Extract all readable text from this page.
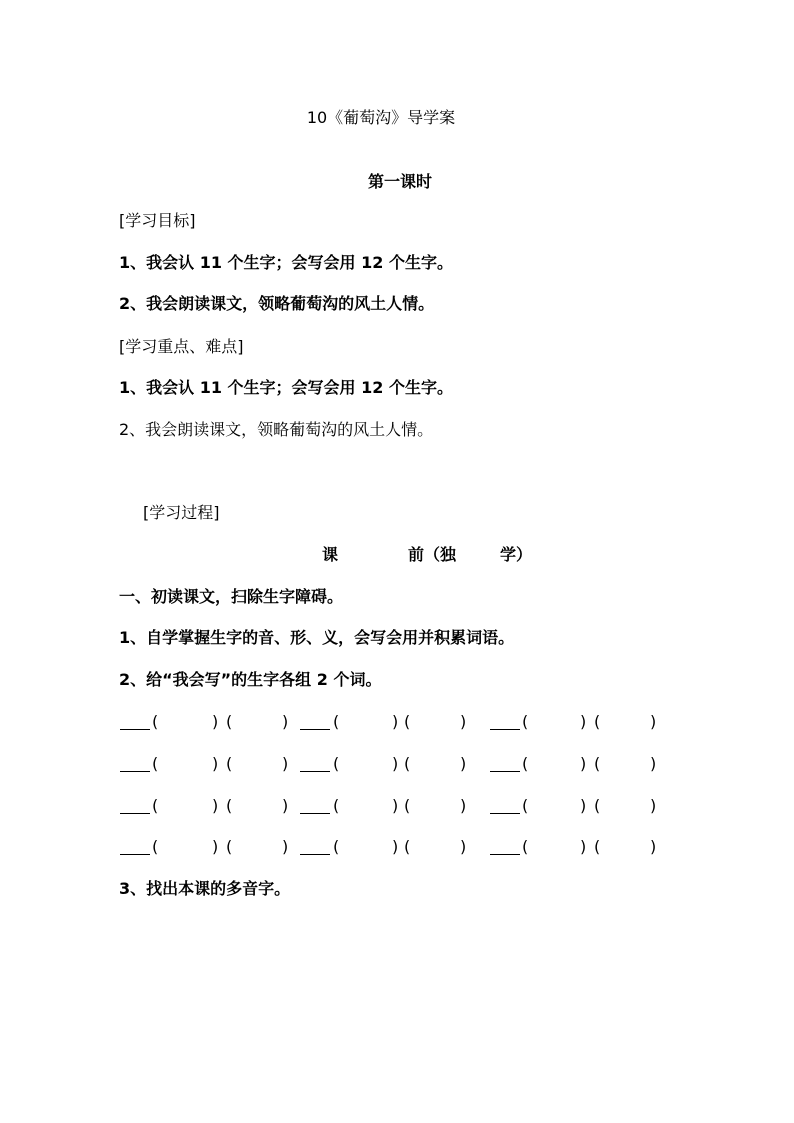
10《葡萄沟》导学案
第一课时
[学习目标]
1、我会认 11 个生字；会写会用 12 个生字。
2、我会朗读课文，领略葡萄沟的风土人情。
[学习重点、难点]
1、我会认 11 个生字；会写会用 12 个生字。
2、我会朗读课文，领略葡萄沟的风土人情。
[学习过程]
课	前（独	学）
一、初读课文，扫除生字障碍。
1、自学掌握生字的音、形、义，会写会用并积累词语。
2、给“我会写”的生字各组 2 个词。
(	) (	)	(	) (	)	(	) (	)
(	) (	)	(	) (	)	(	) (	)
(	) (	)	(	) (	)	(	) (	)
(	) (	)	(	) (	)	(	) (	)
3、找出本课的多音字。
